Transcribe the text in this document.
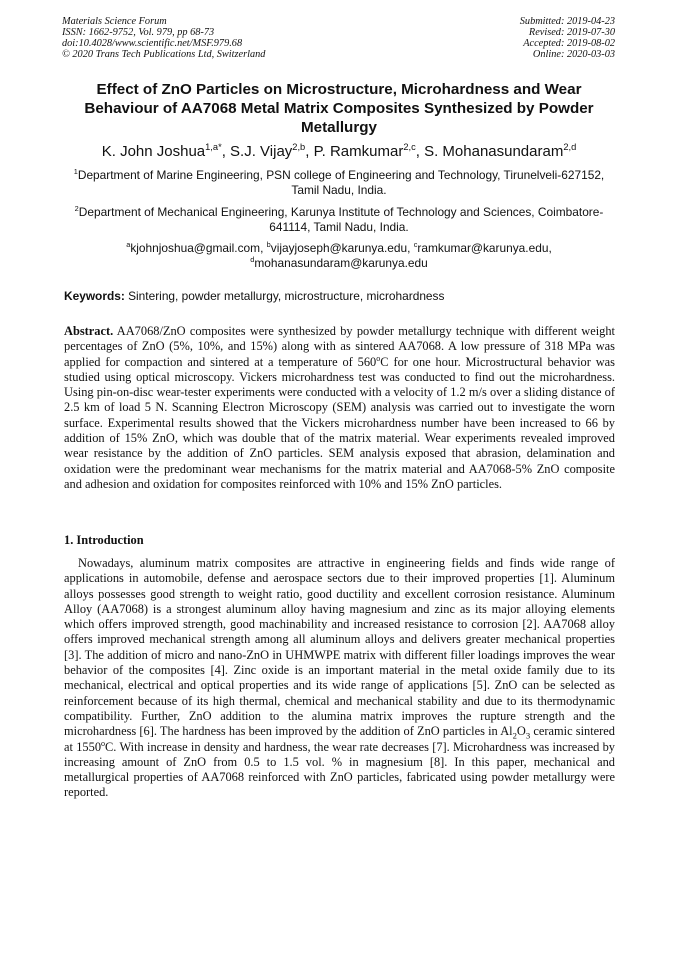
Materials Science Forum
ISSN: 1662-9752, Vol. 979, pp 68-73
doi:10.4028/www.scientific.net/MSF.979.68
© 2020 Trans Tech Publications Ltd, Switzerland
Submitted: 2019-04-23
Revised: 2019-07-30
Accepted: 2019-08-02
Online: 2020-03-03
Effect of ZnO Particles on Microstructure, Microhardness and Wear Behaviour of AA7068 Metal Matrix Composites Synthesized by Powder Metallurgy
K. John Joshua$^{1,a*}$, S.J. Vijay$^{2,b}$, P. Ramkumar$^{2,c}$, S. Mohanasundaram$^{2,d}$
$^1$Department of Marine Engineering, PSN college of Engineering and Technology, Tirunelveli-627152, Tamil Nadu, India.
$^2$Department of Mechanical Engineering, Karunya Institute of Technology and Sciences, Coimbatore-641114, Tamil Nadu, India.
$^a$kjohnjoshua@gmail.com, $^b$vijayjoseph@karunya.edu, $^c$ramkumar@karunya.edu,
$^d$mohanasundaram@karunya.edu
Keywords: Sintering, powder metallurgy, microstructure, microhardness
Abstract. AA7068/ZnO composites were synthesized by powder metallurgy technique with different weight percentages of ZnO (5%, 10%, and 15%) along with as sintered AA7068. A low pressure of 318 MPa was applied for compaction and sintered at a temperature of 560$^o$C for one hour. Microstructural behavior was studied using optical microscopy. Vickers microhardness test was conducted to find out the microhardness. Using pin-on-disc wear-tester experiments were conducted with a velocity of 1.2 m/s over a sliding distance of 2.5 km of load 5 N. Scanning Electron Microscopy (SEM) analysis was carried out to investigate the worn surface. Experimental results showed that the Vickers microhardness number have been increased to 66 by addition of 15% ZnO, which was double that of the matrix material. Wear experiments revealed improved wear resistance by the addition of ZnO particles. SEM analysis exposed that abrasion, delamination and oxidation were the predominant wear mechanisms for the matrix material and AA7068-5% ZnO composite and adhesion and oxidation for composites reinforced with 10% and 15% ZnO particles.
1. Introduction
Nowadays, aluminum matrix composites are attractive in engineering fields and finds wide range of applications in automobile, defense and aerospace sectors due to their improved properties [1]. Aluminum alloys possesses good strength to weight ratio, good ductility and excellent corrosion resistance. Aluminum Alloy (AA7068) is a strongest aluminum alloy having magnesium and zinc as its major alloying elements which offers improved strength, good machinability and increased resistance to corrosion [2]. AA7068 alloy offers improved mechanical strength among all aluminum alloys and delivers greater mechanical properties [3]. The addition of micro and nano-ZnO in UHMWPE matrix with different filler loadings improves the wear behavior of the composites [4]. Zinc oxide is an important material in the metal oxide family due to its mechanical, electrical and optical properties and its wide range of applications [5]. ZnO can be selected as reinforcement because of its high thermal, chemical and mechanical stability and due to its thermodynamic compatibility. Further, ZnO addition to the alumina matrix improves the rupture strength and the microhardness [6]. The hardness has been improved by the addition of ZnO particles in $Al_2O_3$ ceramic sintered at 1550$^o$C. With increase in density and hardness, the wear rate decreases [7]. Microhardness was increased by increasing amount of ZnO from 0.5 to 1.5 vol. % in magnesium [8]. In this paper, mechanical and metallurgical properties of AA7068 reinforced with ZnO particles, fabricated using powder metallurgy were reported.
